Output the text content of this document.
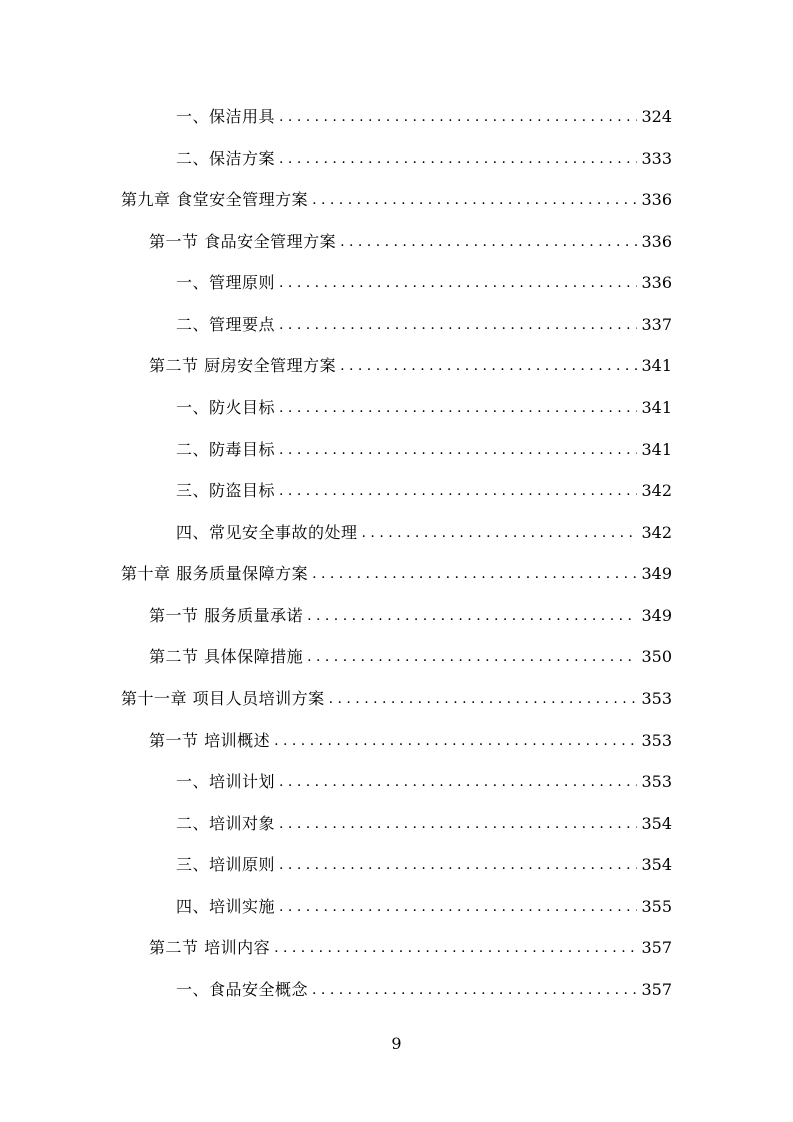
一、保洁用具 . . .	324
二、保洁方案 . . .	333
第九章 食堂安全管理方案 . . .	336
第一节 食品安全管理方案 . . .	336
一、管理原则 . . .	336
二、管理要点 . . .	337
第二节 厨房安全管理方案 . . .	341
一、防火目标 . . .	341
二、防毒目标 . . .	341
三、防盗目标 . . .	342
四、常见安全事故的处理 . . .	342
第十章 服务质量保障方案 . . .	349
第一节 服务质量承诺 . . .	349
第二节 具体保障措施 . . .	350
第十一章 项目人员培训方案 . . .	353
第一节 培训概述 . . .	353
一、培训计划 . . .	353
二、培训对象 . . .	354
三、培训原则 . . .	354
四、培训实施 . . .	355
第二节 培训内容 . . .	357
一、食品安全概念 . . .	357
9
